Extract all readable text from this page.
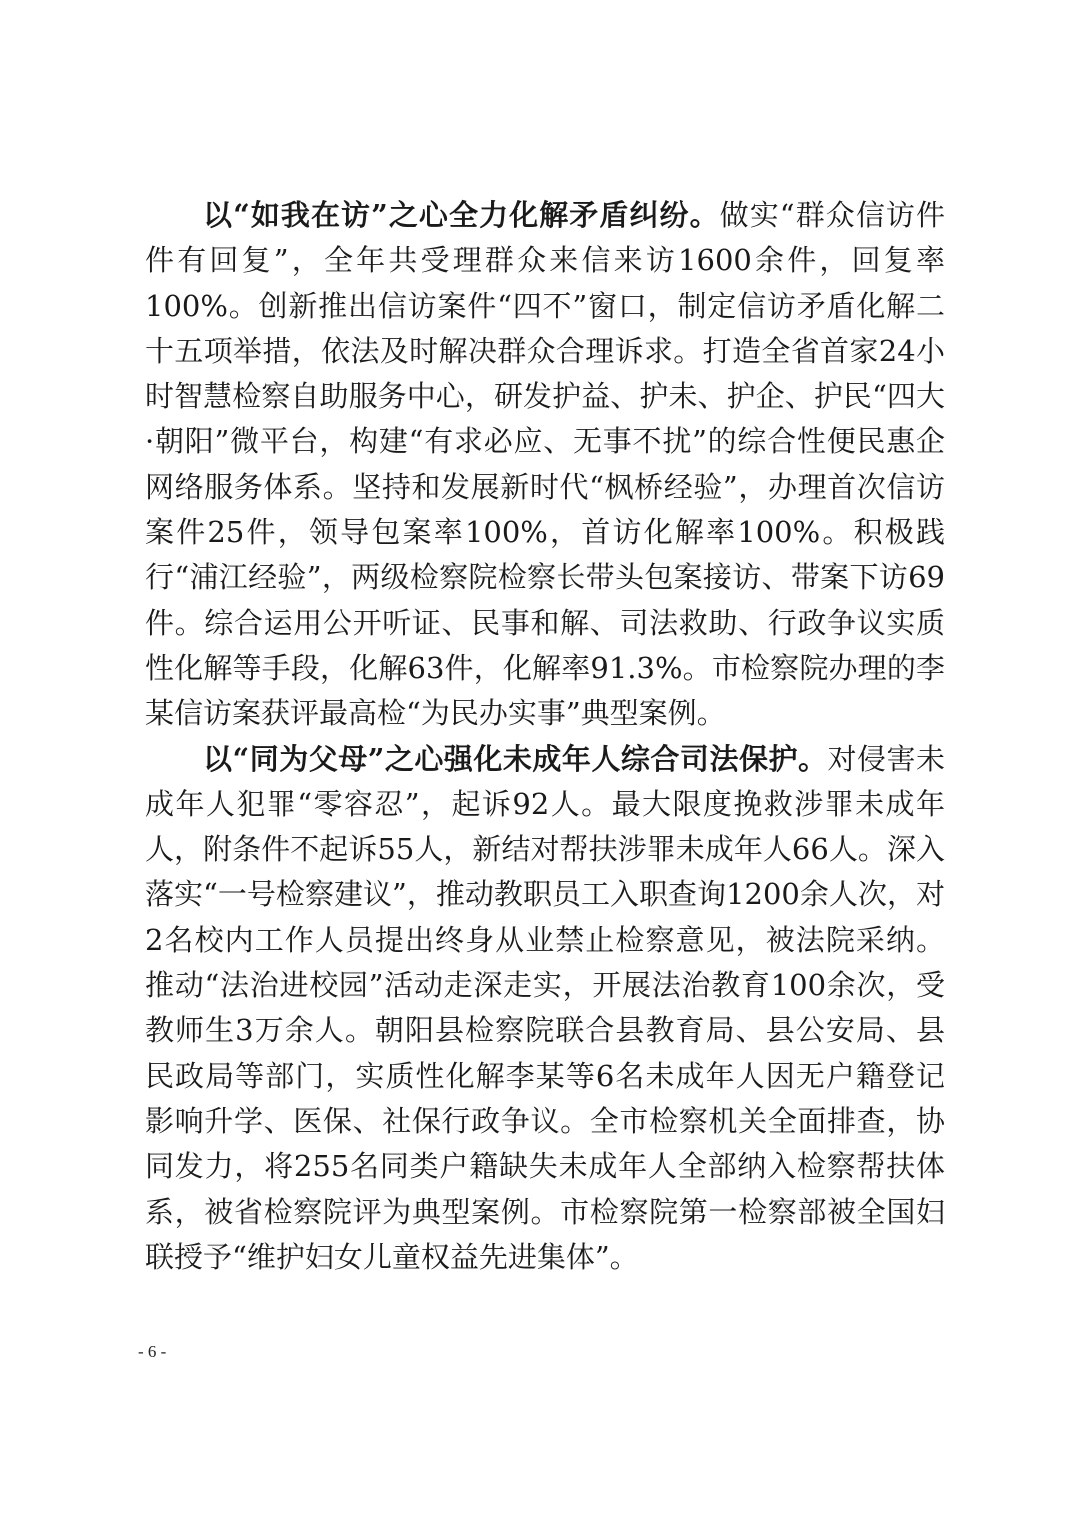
以“如我在访”之心全力化解矛盾纠纷。做实“群众信访件件有回复”，全年共受理群众来信来访1600余件，回复率100%。创新推出信访案件“四不”窗口，制定信访矛盾化解二十五项举措，依法及时解决群众合理诉求。打造全省首家24小时智慧检察自助服务中心，研发护益、护未、护企、护民“四大·朝阳”微平台，构建“有求必应、无事不扰”的综合性便民惠企网络服务体系。坚持和发展新时代“枫桥经验”，办理首次信访案件25件，领导包案率100%，首访化解率100%。积极践行“浦江经验”，两级检察院检察长带头包案接访、带案下访69件。综合运用公开听证、民事和解、司法救助、行政争议实质性化解等手段，化解63件，化解率91.3%。市检察院办理的李某信访案获评最高检“为民办实事”典型案例。

以“同为父母”之心强化未成年人综合司法保护。对侵害未成年人犯罪“零容忍”，起诉92人。最大限度挽救涉罪未成年人，附条件不起诉55人，新结对帮扶涉罪未成年人66人。深入落实“一号检察建议”，推动教职员工入职查询1200余人次，对2名校内工作人员提出终身从业禁止检察意见，被法院采纳。推动“法治进校园”活动走深走实，开展法治教育100余次，受教师生3万余人。朝阳县检察院联合县教育局、县公安局、县民政局等部门，实质性化解李某等6名未成年人因无户籍登记影响升学、医保、社保行政争议。全市检察机关全面排查，协同发力，将255名同类户籍缺失未成年人全部纳入检察帮扶体系，被省检察院评为典型案例。市检察院第一检察部被全国妇联授予“维护妇女儿童权益先进集体”。

- 6 -
